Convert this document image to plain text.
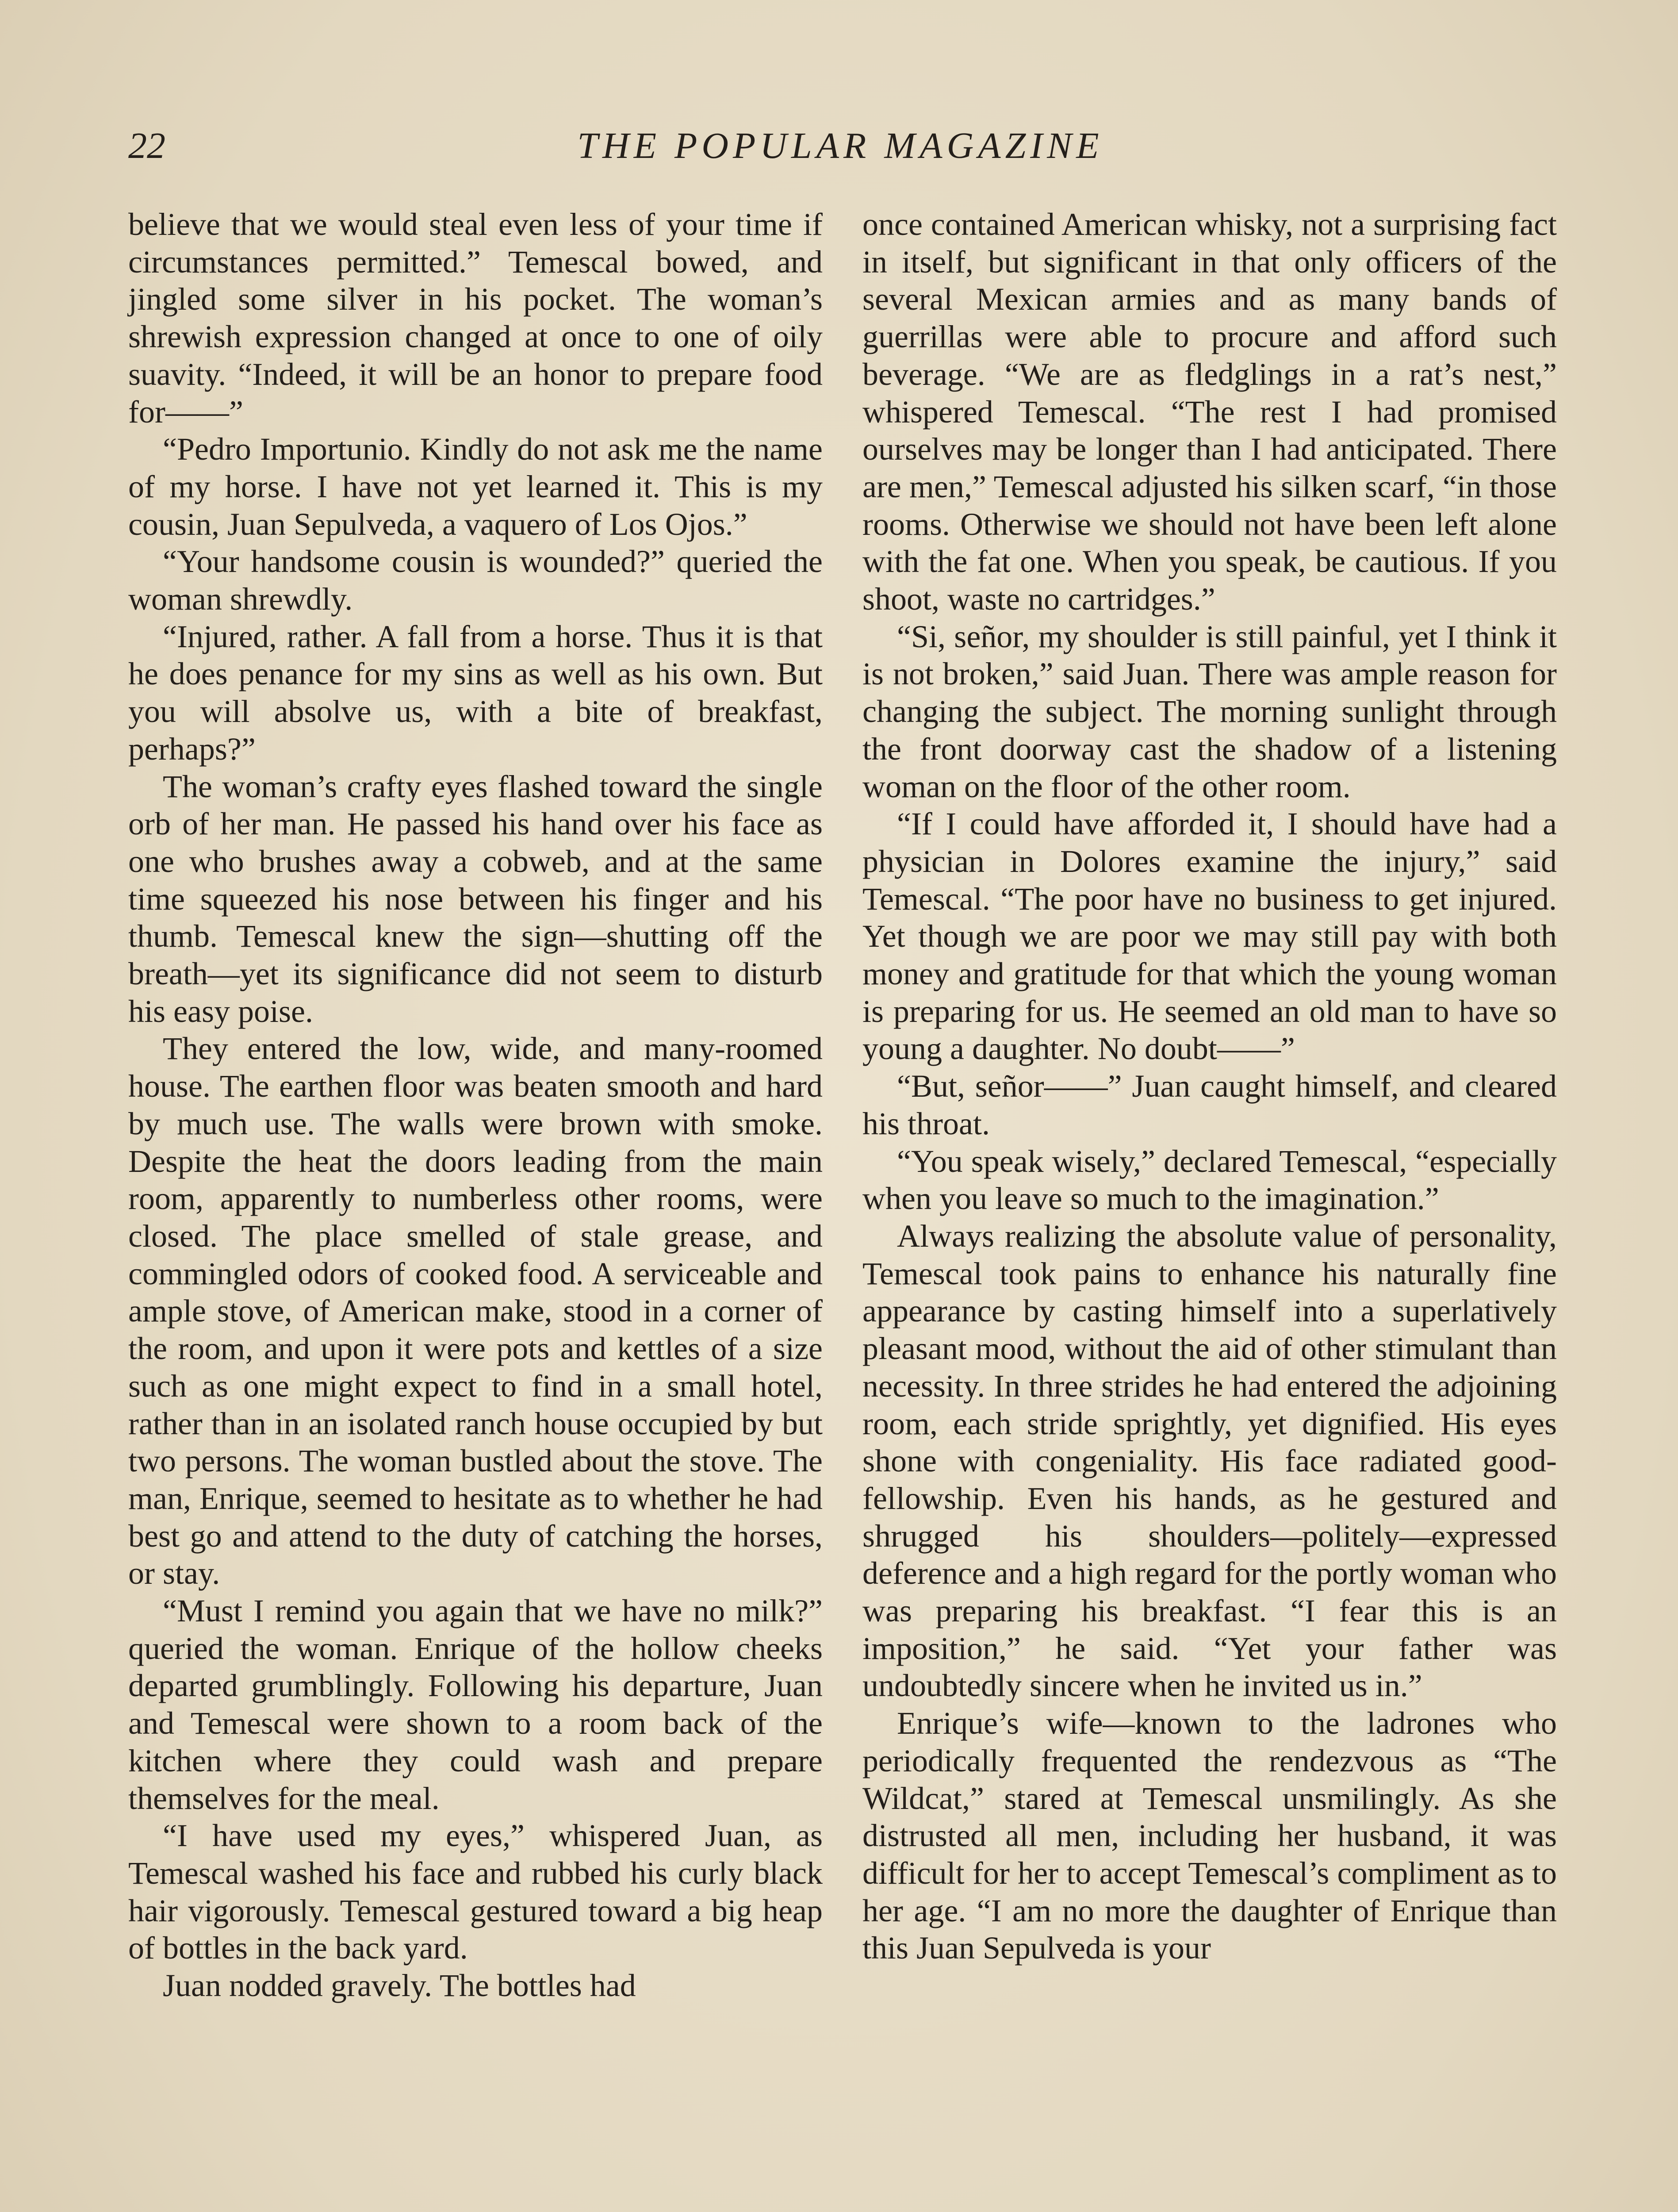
22	THE POPULAR MAGAZINE

believe that we would steal even less of your time if circumstances permitted.” Temescal bowed, and jingled some silver in his pocket. The woman’s shrewish expression changed at once to one of oily suavity. “Indeed, it will be an honor to prepare food for——”

“Pedro Importunio. Kindly do not ask me the name of my horse. I have not yet learned it. This is my cousin, Juan Sepulveda, a vaquero of Los Ojos.”

“Your handsome cousin is wounded?” queried the woman shrewdly.

“Injured, rather. A fall from a horse. Thus it is that he does penance for my sins as well as his own. But you will absolve us, with a bite of breakfast, perhaps?”

The woman’s crafty eyes flashed toward the single orb of her man. He passed his hand over his face as one who brushes away a cobweb, and at the same time squeezed his nose between his finger and his thumb. Temescal knew the sign—shutting off the breath—yet its significance did not seem to disturb his easy poise.

They entered the low, wide, and many-roomed house. The earthen floor was beaten smooth and hard by much use. The walls were brown with smoke. Despite the heat the doors leading from the main room, apparently to numberless other rooms, were closed. The place smelled of stale grease, and commingled odors of cooked food. A serviceable and ample stove, of American make, stood in a corner of the room, and upon it were pots and kettles of a size such as one might expect to find in a small hotel, rather than in an isolated ranch house occupied by but two persons. The woman bustled about the stove. The man, Enrique, seemed to hesitate as to whether he had best go and attend to the duty of catching the horses, or stay.

“Must I remind you again that we have no milk?” queried the woman. Enrique of the hollow cheeks departed grumblingly. Following his departure, Juan and Temescal were shown to a room back of the kitchen where they could wash and prepare themselves for the meal.

“I have used my eyes,” whispered Juan, as Temescal washed his face and rubbed his curly black hair vigorously. Temescal gestured toward a big heap of bottles in the back yard.

Juan nodded gravely. The bottles had

once contained American whisky, not a surprising fact in itself, but significant in that only officers of the several Mexican armies and as many bands of guerrillas were able to procure and afford such beverage. “We are as fledglings in a rat’s nest,” whispered Temescal. “The rest I had promised ourselves may be longer than I had anticipated. There are men,” Temescal adjusted his silken scarf, “in those rooms. Otherwise we should not have been left alone with the fat one. When you speak, be cautious. If you shoot, waste no cartridges.”

“Si, señor, my shoulder is still painful, yet I think it is not broken,” said Juan. There was ample reason for changing the subject. The morning sunlight through the front doorway cast the shadow of a listening woman on the floor of the other room.

“If I could have afforded it, I should have had a physician in Dolores examine the injury,” said Temescal. “The poor have no business to get injured. Yet though we are poor we may still pay with both money and gratitude for that which the young woman is preparing for us. He seemed an old man to have so young a daughter. No doubt——”

“But, señor——” Juan caught himself, and cleared his throat.

“You speak wisely,” declared Temescal, “especially when you leave so much to the imagination.”

Always realizing the absolute value of personality, Temescal took pains to enhance his naturally fine appearance by casting himself into a superlatively pleasant mood, without the aid of other stimulant than necessity. In three strides he had entered the adjoining room, each stride sprightly, yet dignified. His eyes shone with congeniality. His face radiated good-fellowship. Even his hands, as he gestured and shrugged his shoulders—politely—expressed deference and a high regard for the portly woman who was preparing his breakfast. “I fear this is an imposition,” he said. “Yet your father was undoubtedly sincere when he invited us in.”

Enrique’s wife—known to the ladrones who periodically frequented the rendezvous as “The Wildcat,” stared at Temescal unsmilingly. As she distrusted all men, including her husband, it was difficult for her to accept Temescal’s compliment as to her age. “I am no more the daughter of Enrique than this Juan Sepulveda is your
